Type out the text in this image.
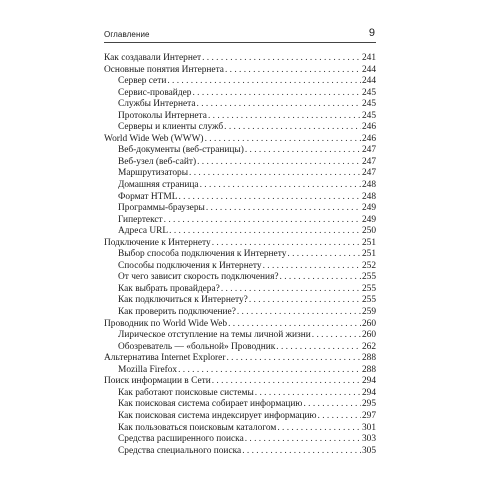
Оглавление	9
Как создавали Интернет . . .	241
Основные понятия Интернета . . .	244
Сервер сети . . .	244
Сервис-провайдер . . .	245
Службы Интернета . . .	245
Протоколы Интернета . . .	245
Серверы и клиенты служб . . .	246
World Wide Web (WWW) . . .	246
Веб-документы (веб-страницы) . . .	247
Веб-узел (веб-сайт) . . .	247
Маршрутизаторы . . .	247
Домашняя страница . . .	248
Формат HTML . . .	248
Программы-браузеры . . .	249
Гипертекст . . .	249
Адреса URL . . .	250
Подключение к Интернету . . .	251
Выбор способа подключения к Интернету . . .	251
Способы подключения к Интернету . . .	252
От чего зависит скорость подключения? . . .	255
Как выбрать провайдера? . . .	255
Как подключиться к Интернету? . . .	255
Как проверить подключение? . . .	259
Проводник по World Wide Web . . .	260
Лирическое отступление на темы личной жизни . . .	260
Обозреватель — «больной» Проводник . . .	262
Альтернатива Internet Explorer . . .	288
Mozilla Firefox . . .	288
Поиск информации в Сети . . .	294
Как работают поисковые системы . . .	294
Как поисковая система собирает информацию . . .	295
Как поисковая система индексирует информацию . . .	297
Как пользоваться поисковым каталогом . . .	301
Средства расширенного поиска . . .	303
Средства специального поиска . . .	305
